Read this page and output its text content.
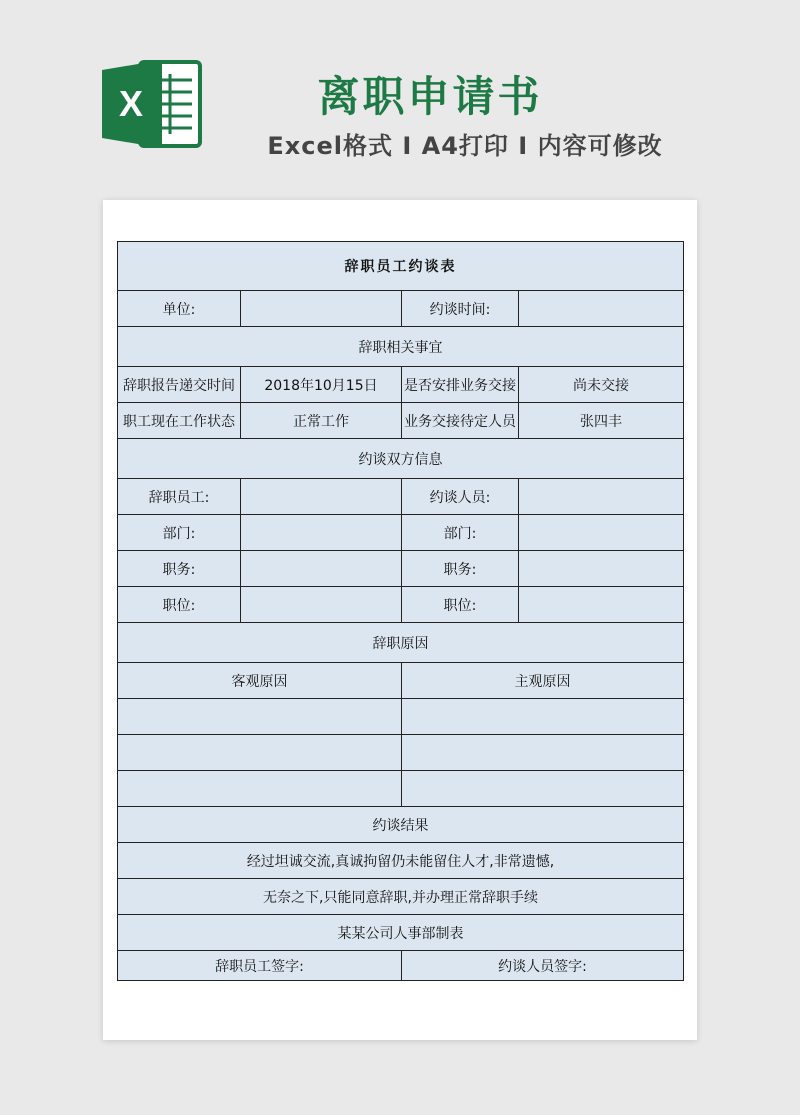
X	离职申请书
Excel格式 I A4打印 I 内容可修改
辞职员工约谈表			
单位:		约谈时间:	
辞职相关事宜			
辞职报告递交时间	2018年10月15日	是否安排业务交接	尚未交接
职工现在工作状态	正常工作	业务交接待定人员	张四丰
约谈双方信息			
辞职员工:		约谈人员:	
部门:		部门:	
职务:		职务:	
职位:		职位:	
辞职原因			
客观原因		主观原因	

约谈结果			
经过坦诚交流,真诚拘留仍未能留住人才,非常遗憾,			
无奈之下,只能同意辞职,并办理正常辞职手续			
某某公司人事部制表			
辞职员工签字:		约谈人员签字:	
